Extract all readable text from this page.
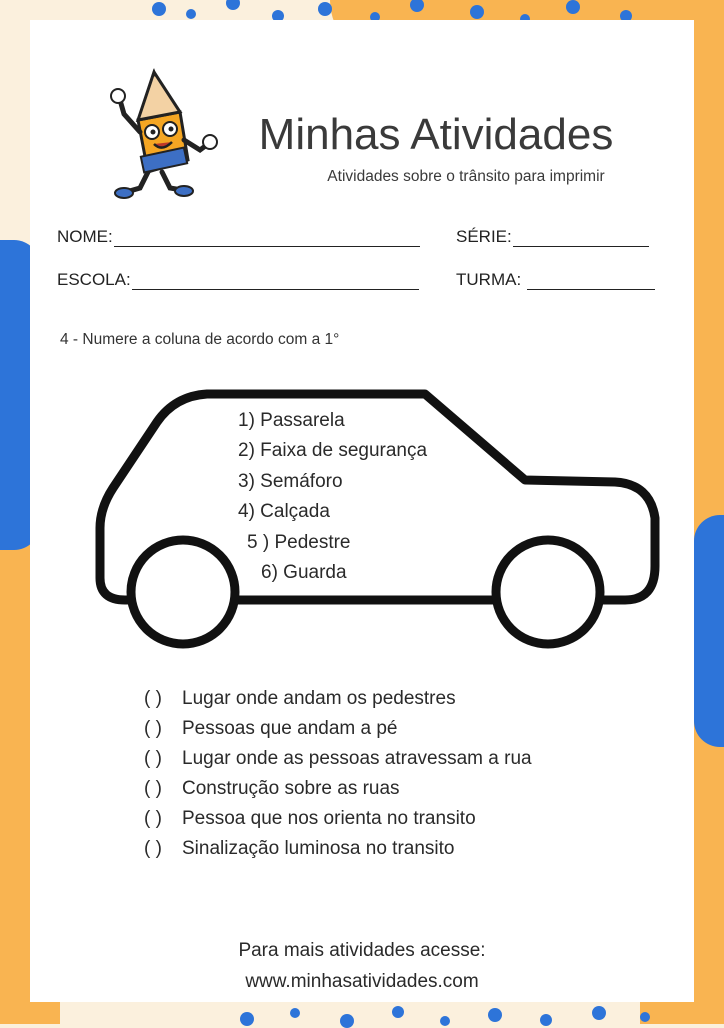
Minhas Atividades
Atividades sobre o trânsito para imprimir
NOME:	SÉRIE:
ESCOLA:	TURMA:
4 - Numere a coluna de acordo com a 1°
1) Passarela
2) Faixa de segurança
3) Semáforo
4) Calçada
5 ) Pedestre
6) Guarda
( )	Lugar onde andam os pedestres
( )	Pessoas que andam a pé
( )	Lugar onde as pessoas atravessam a rua
( )	Construção sobre as ruas
( )	Pessoa que nos orienta no transito
( )	Sinalização luminosa no transito
Para mais atividades acesse:
www.minhasatividades.com
